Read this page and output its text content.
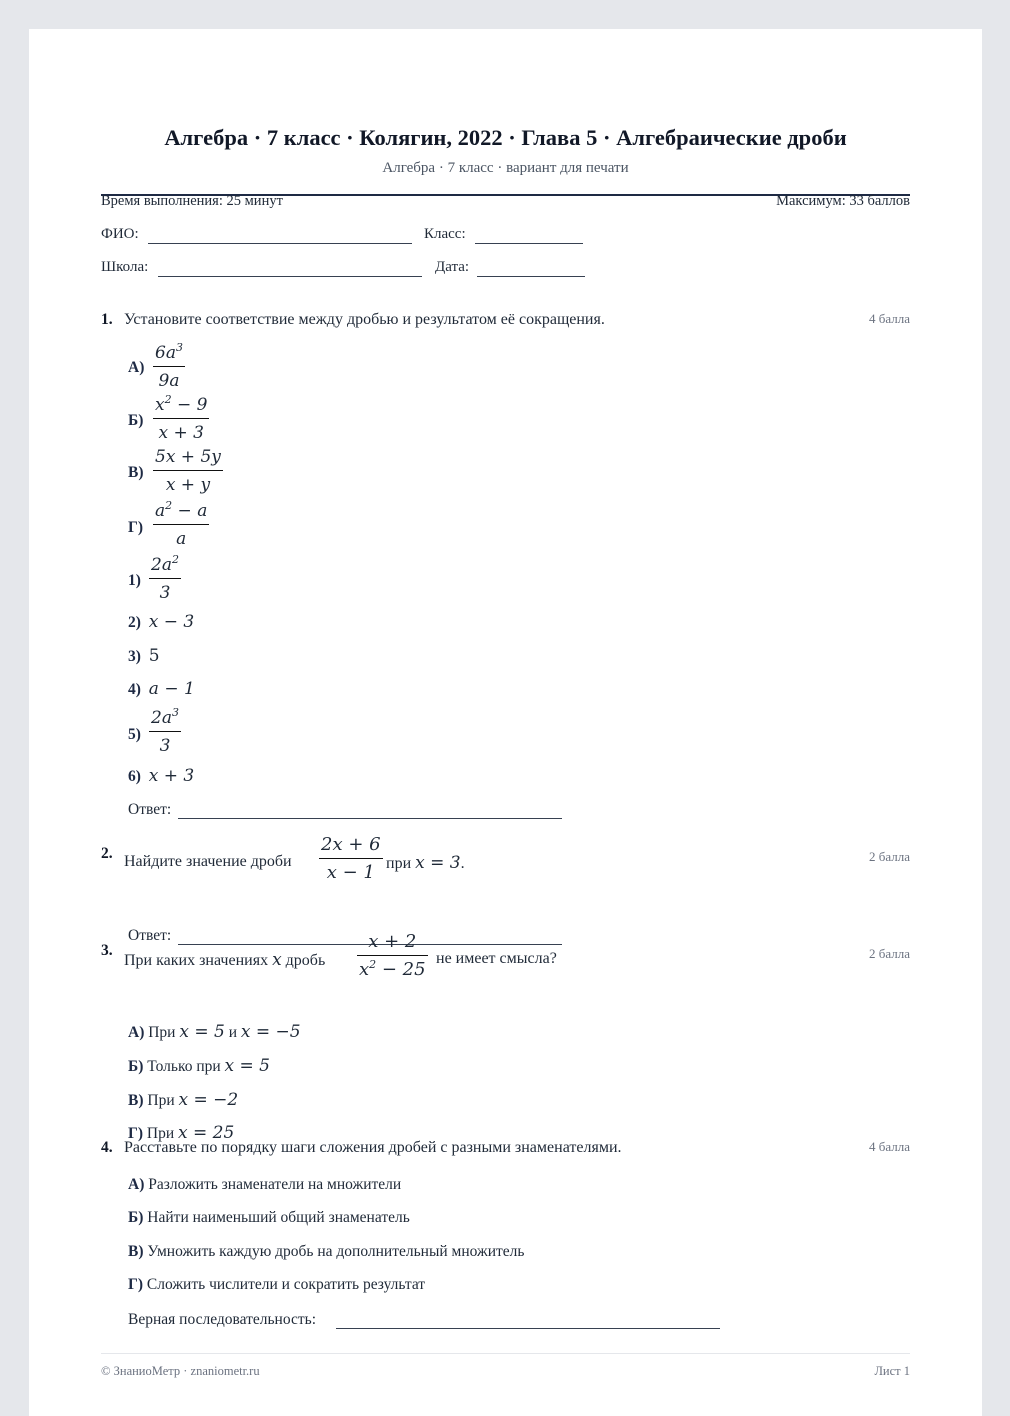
Алгебра · 7 класс · Колягин, 2022 · Глава 5 · Алгебраические дроби
Алгебра · 7 класс · вариант для печати
Время выполнения: 25 минут	Максимум: 33 баллов
ФИО:	Класс:
Школа:	Дата:
1. Установите соответствие между дробью и результатом её сокращения.	4 балла
А)
$6a^3$
9a
Б)
$x^2 - 9$
x + 3
В)
5x + 5y
x + y
Г)
$a^2 - a$
a
1)
$2a^2$
3
2) x − 3
3) 5
4) a − 1
5)
$2a^3$
3
6) x + 3
Ответ:
2. Найдите значение дроби
2x + 6
x − 1 при x = 3.	2 балла
Ответ:
3.
При каких значениях x дробь
x + 2
$x^2 - 25$
не имеет смысла?	2 балла
А) При x = 5 и x = −5
Б) Только при x = 5
В) При x = −2
Г) При x = 25
4. Расставьте по порядку шаги сложения дробей с разными знаменателями.	4 балла
А) Разложить знаменатели на множители
Б) Найти наименьший общий знаменатель
В) Умножить каждую дробь на дополнительный множитель
Г) Сложить числители и сократить результат
Верная последовательность:
© ЗнаниоМетр · znaniometr.ru	Лист 1
